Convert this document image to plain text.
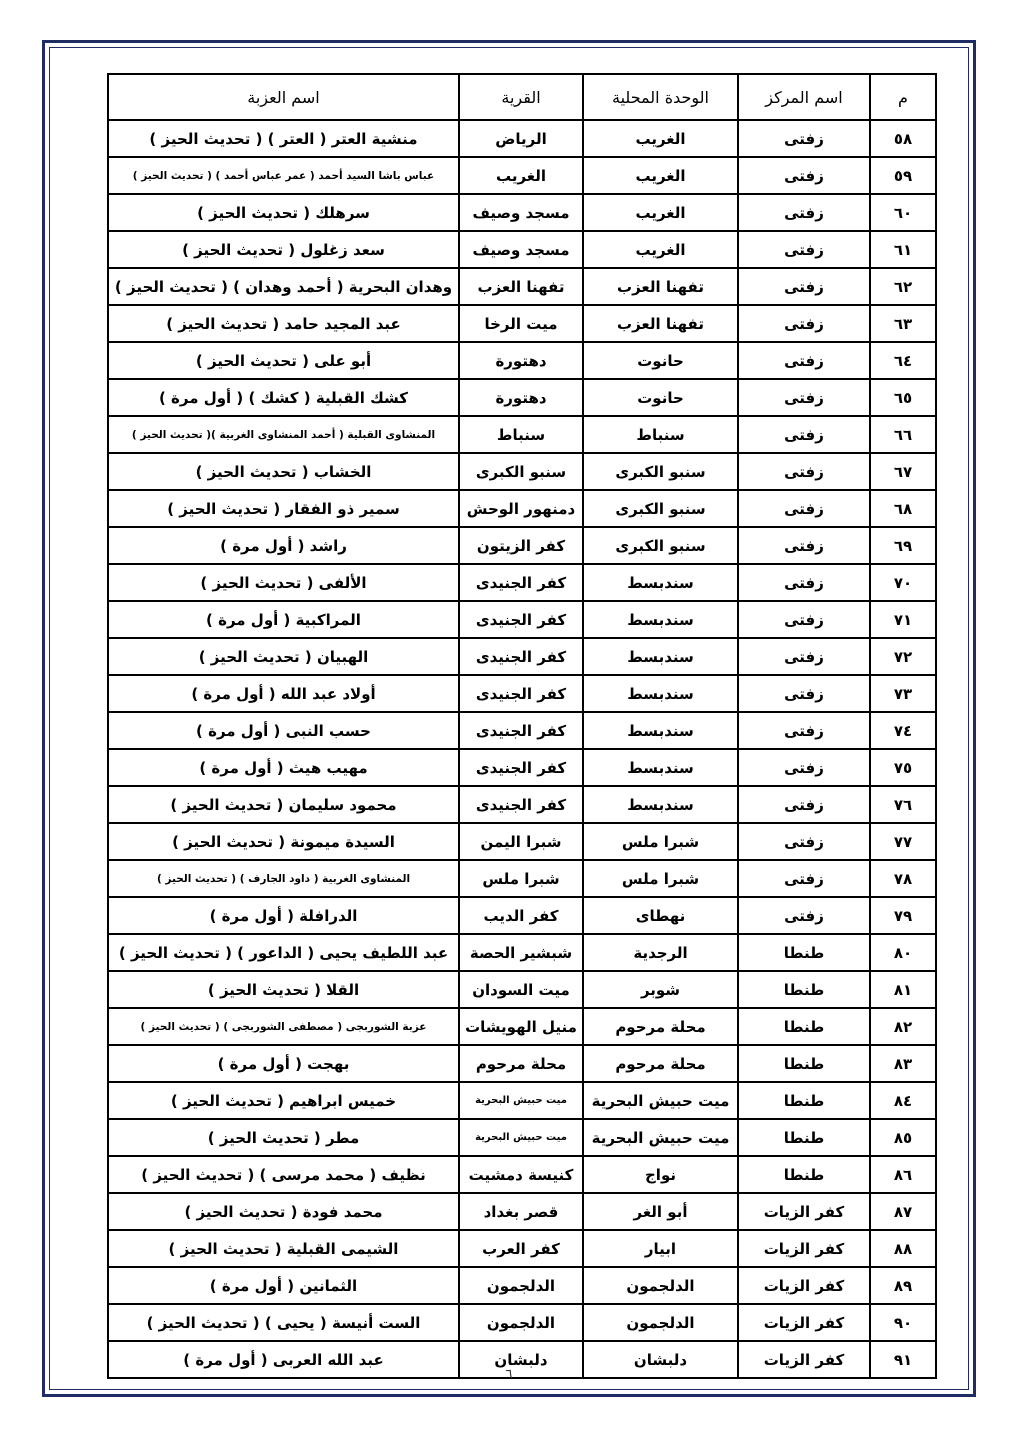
م	اسم المركز	الوحدة المحلية	القرية	اسم العزبة
٥٨	زفتى	الغريب	الرياض	منشية العتر ( العتر ) ( تحديث الحيز )
٥٩	زفتى	الغريب	الغريب	عباس باشا السيد أحمد ( عمر عباس أحمد ) ( تحديث الحيز )
٦٠	زفتى	الغريب	مسجد وصيف	سرهلك ( تحديث الحيز )
٦١	زفتى	الغريب	مسجد وصيف	سعد زغلول ( تحديث الحيز )
٦٢	زفتى	تفهنا العزب	تفهنا العزب	وهدان البحرية ( أحمد وهدان ) ( تحديث الحيز )
٦٣	زفتى	تفهنا العزب	ميت الرخا	عبد المجيد حامد ( تحديث الحيز )
٦٤	زفتى	حانوت	دهتورة	أبو على ( تحديث الحيز )
٦٥	زفتى	حانوت	دهتورة	كشك القبلية ( كشك ) ( أول مرة )
٦٦	زفتى	سنباط	سنباط	المنشاوى القبلية ( أحمد المنشاوى الغربية )( تحديث الحيز )
٦٧	زفتى	سنبو الكبرى	سنبو الكبرى	الخشاب ( تحديث الحيز )
٦٨	زفتى	سنبو الكبرى	دمنهور الوحش	سمير ذو الفقار ( تحديث الحيز )
٦٩	زفتى	سنبو الكبرى	كفر الزيتون	راشد ( أول مرة )
٧٠	زفتى	سندبسط	كفر الجنيدى	الألفى ( تحديث الحيز )
٧١	زفتى	سندبسط	كفر الجنيدى	المراكبية ( أول مرة )
٧٢	زفتى	سندبسط	كفر الجنيدى	الهبيان ( تحديث الحيز )
٧٣	زفتى	سندبسط	كفر الجنيدى	أولاد عبد الله ( أول مرة )
٧٤	زفتى	سندبسط	كفر الجنيدى	حسب النبى ( أول مرة )
٧٥	زفتى	سندبسط	كفر الجنيدى	مهيب هيث ( أول مرة )
٧٦	زفتى	سندبسط	كفر الجنيدى	محمود سليمان ( تحديث الحيز )
٧٧	زفتى	شبرا ملس	شبرا اليمن	السيدة ميمونة ( تحديث الحيز )
٧٨	زفتى	شبرا ملس	شبرا ملس	المنشاوى الغربية ( داود الجارف ) ( تحديث الحيز )
٧٩	زفتى	نهطاى	كفر الديب	الدرافلة ( أول مرة )
٨٠	طنطا	الرجدية	شبشير الحصة	عبد اللطيف يحيى ( الداعور ) ( تحديث الحيز )
٨١	طنطا	شوبر	ميت السودان	القلا ( تحديث الحيز )
٨٢	طنطا	محلة مرحوم	منيل الهويشات	عزبة الشوربجى ( مصطفى الشوربجى ) ( تحديث الحيز )
٨٣	طنطا	محلة مرحوم	محلة مرحوم	بهجت ( أول مرة )
٨٤	طنطا	ميت حبيش البحرية	ميت حبيش البحرية	خميس ابراهيم ( تحديث الحيز )
٨٥	طنطا	ميت حبيش البحرية	ميت حبيش البحرية	مطر ( تحديث الحيز )
٨٦	طنطا	نواج	كنيسة دمشيت	نظيف ( محمد مرسى ) ( تحديث الحيز )
٨٧	كفر الزيات	أبو الغر	قصر بغداد	محمد فودة ( تحديث الحيز )
٨٨	كفر الزيات	ابيار	كفر العرب	الشيمى القبلية ( تحديث الحيز )
٨٩	كفر الزيات	الدلجمون	الدلجمون	الثمانين ( أول مرة )
٩٠	كفر الزيات	الدلجمون	الدلجمون	الست أنيسة ( يحيى ) ( تحديث الحيز )
٩١	كفر الزيات	دلبشان	دلبشان	عبد الله العربى ( أول مرة )
٦
